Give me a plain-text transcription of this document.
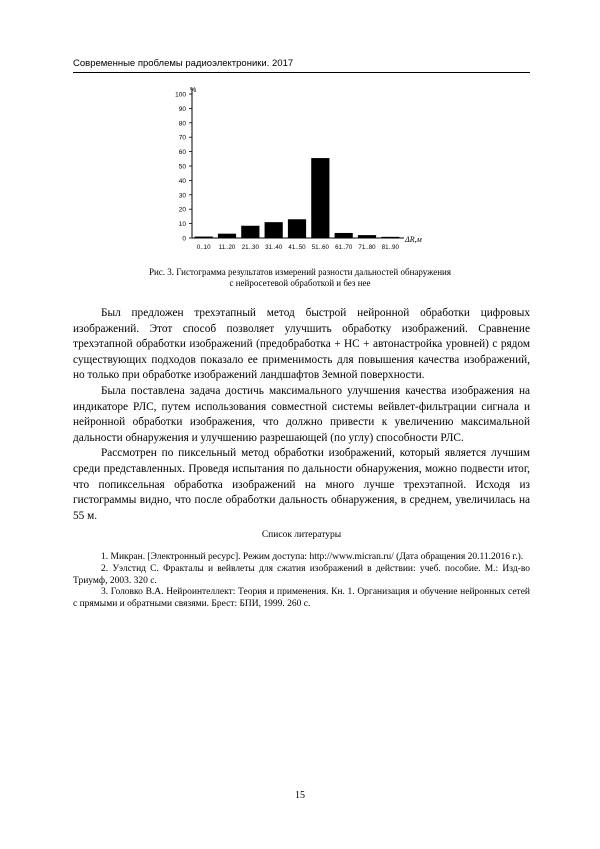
Современные проблемы радиоэлектроники. 2017
0
10
20
30
40
50
60
70
80
90
100
%
0..10 11..20 21..30 31..40 41..50 51..60 61..70 71..80 81..90
ΔR,м
Рис. 3. Гистограмма результатов измерений разности дальностей обнаружения
с нейросетевой обработкой и без нее

Был предложен трехэтапный метод быстрой нейронной обработки цифровых изображений. Этот способ позволяет улучшить обработку изображений. Сравнение трехэтапной обработки изображений (предобработка + НС + автонастройка уровней) с рядом существующих подходов показало ее применимость для повышения качества изображений, но только при обработке изображений ландшафтов Земной поверхности.

Была поставлена задача достичь максимального улучшения качества изображения на индикаторе РЛС, путем использования совместной системы вейвлет-фильтрации сигнала и нейронной обработки изображения, что должно привести к увеличению максимальной дальности обнаружения и улучшению разрешающей (по углу) способности РЛС.

Рассмотрен по пиксельный метод обработки изображений, который является лучшим среди представленных. Проведя испытания по дальности обнаружения, можно подвести итог, что попиксельная обработка изображений на много лучше трехэтапной. Исходя из гистограммы видно, что после обработки дальность обнаружения, в среднем, увеличилась на 55 м.

Список литературы

1. Микран. [Электронный ресурс]. Режим доступа: http://www.micran.ru/ (Дата обращения 20.11.2016 г.).

2. Уэлстид С. Фракталы и вейвлеты для сжатия изображений в действии: учеб. пособие. М.: Изд-во Триумф, 2003. 320 с.

3. Головко В.А. Нейроинтеллект: Теория и применения. Кн. 1. Организация и обучение нейронных сетей с прямыми и обратными связями. Брест: БПИ, 1999. 260 с.

15
